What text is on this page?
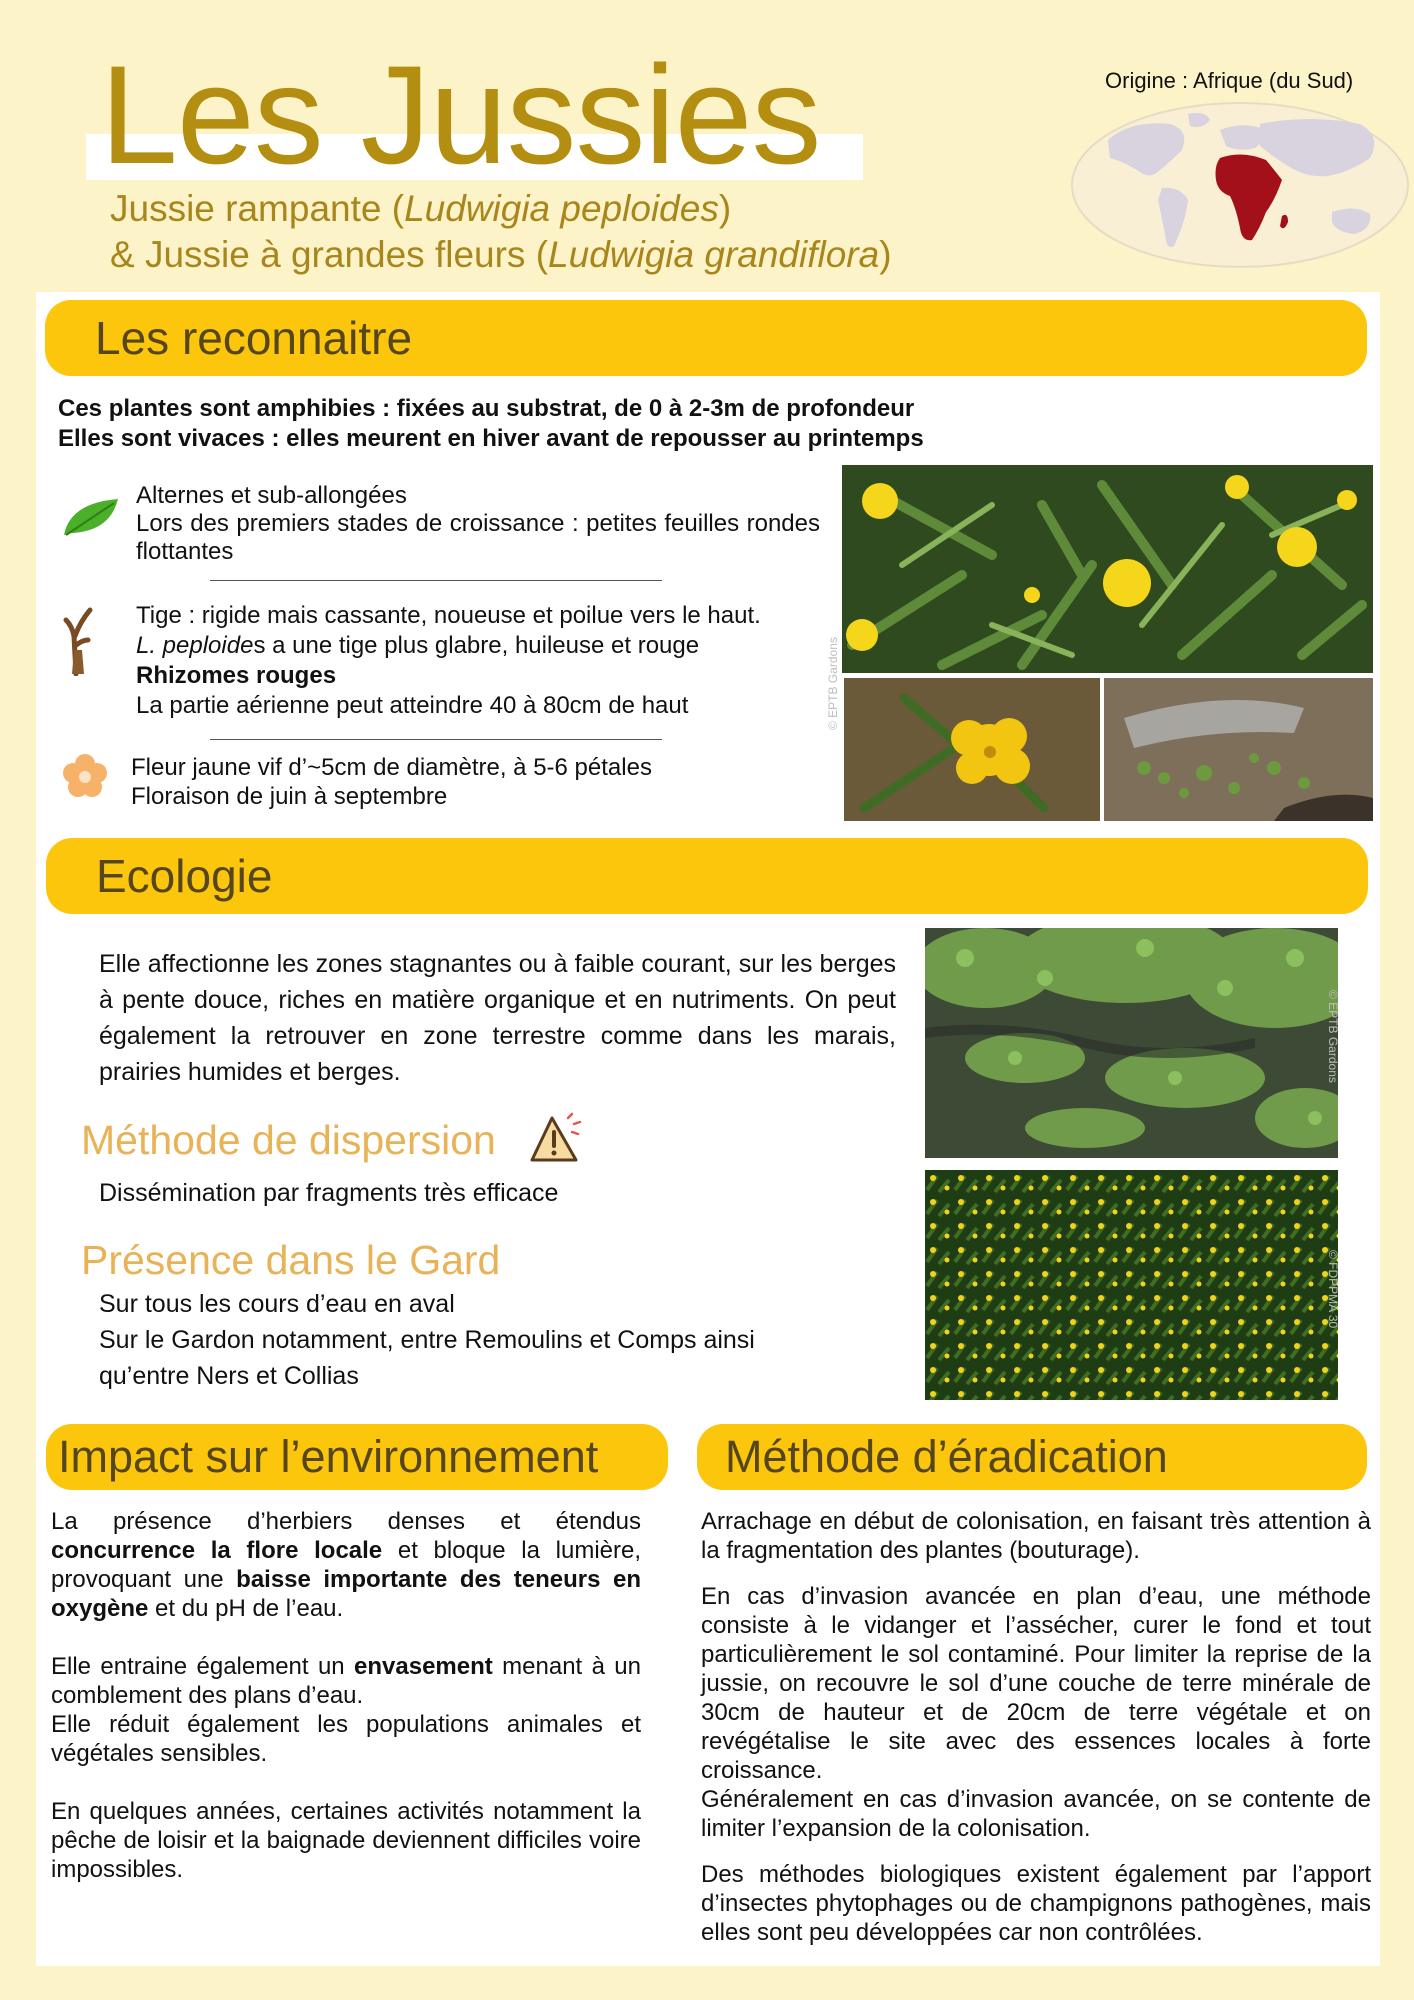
Les Jussies
Jussie rampante (Ludwigia peploides)
& Jussie à grandes fleurs (Ludwigia grandiflora)
Origine : Afrique (du Sud)
Les reconnaitre
Ces plantes sont amphibies : fixées au substrat, de 0 à 2-3m de profondeur
Elles sont vivaces : elles meurent en hiver avant de repousser au printemps
Alternes et sub-allongées
Lors des premiers stades de croissance : petites feuilles rondes flottantes
Tige : rigide mais cassante, noueuse et poilue vers le haut.
L. peploides a une tige plus glabre, huileuse et rouge
Rhizomes rouges
La partie aérienne peut atteindre 40 à 80cm de haut
Fleur jaune vif d’~5cm de diamètre, à 5-6 pétales
Floraison de juin à septembre
© EPTB Gardons
Ecologie
Elle affectionne les zones stagnantes ou à faible courant, sur les berges à pente douce, riches en matière organique et en nutriments. On peut également la retrouver en zone terrestre comme dans les marais, prairies humides et berges.
Méthode de dispersion
Dissémination par fragments très efficace
Présence dans le Gard
Sur tous les cours d’eau en aval
Sur le Gardon notamment, entre Remoulins et Comps ainsi qu’entre Ners et Collias
© EPTB Gardons
© FDPPMA 30
Impact sur l’environnement

La présence d’herbiers denses et étendus concurrence la flore locale et bloque la lumière, provoquant une baisse importante des teneurs en oxygène et du pH de l’eau.

Elle entraine également un envasement menant à un comblement des plans d’eau.
Elle réduit également les populations animales et végétales sensibles.

En quelques années, certaines activités notamment la pêche de loisir et la baignade deviennent difficiles voire impossibles.

Méthode d’éradication

Arrachage en début de colonisation, en faisant très attention à la fragmentation des plantes (bouturage).

En cas d’invasion avancée en plan d’eau, une méthode consiste à le vidanger et l’assécher, curer le fond et tout particulièrement le sol contaminé. Pour limiter la reprise de la jussie, on recouvre le sol d’une couche de terre minérale de 30cm de hauteur et de 20cm de terre végétale et on revégétalise le site avec des essences locales à forte croissance.

Généralement en cas d’invasion avancée, on se contente de limiter l’expansion de la colonisation.

Des méthodes biologiques existent également par l’apport d’insectes phytophages ou de champignons pathogènes, mais elles sont peu développées car non contrôlées.
